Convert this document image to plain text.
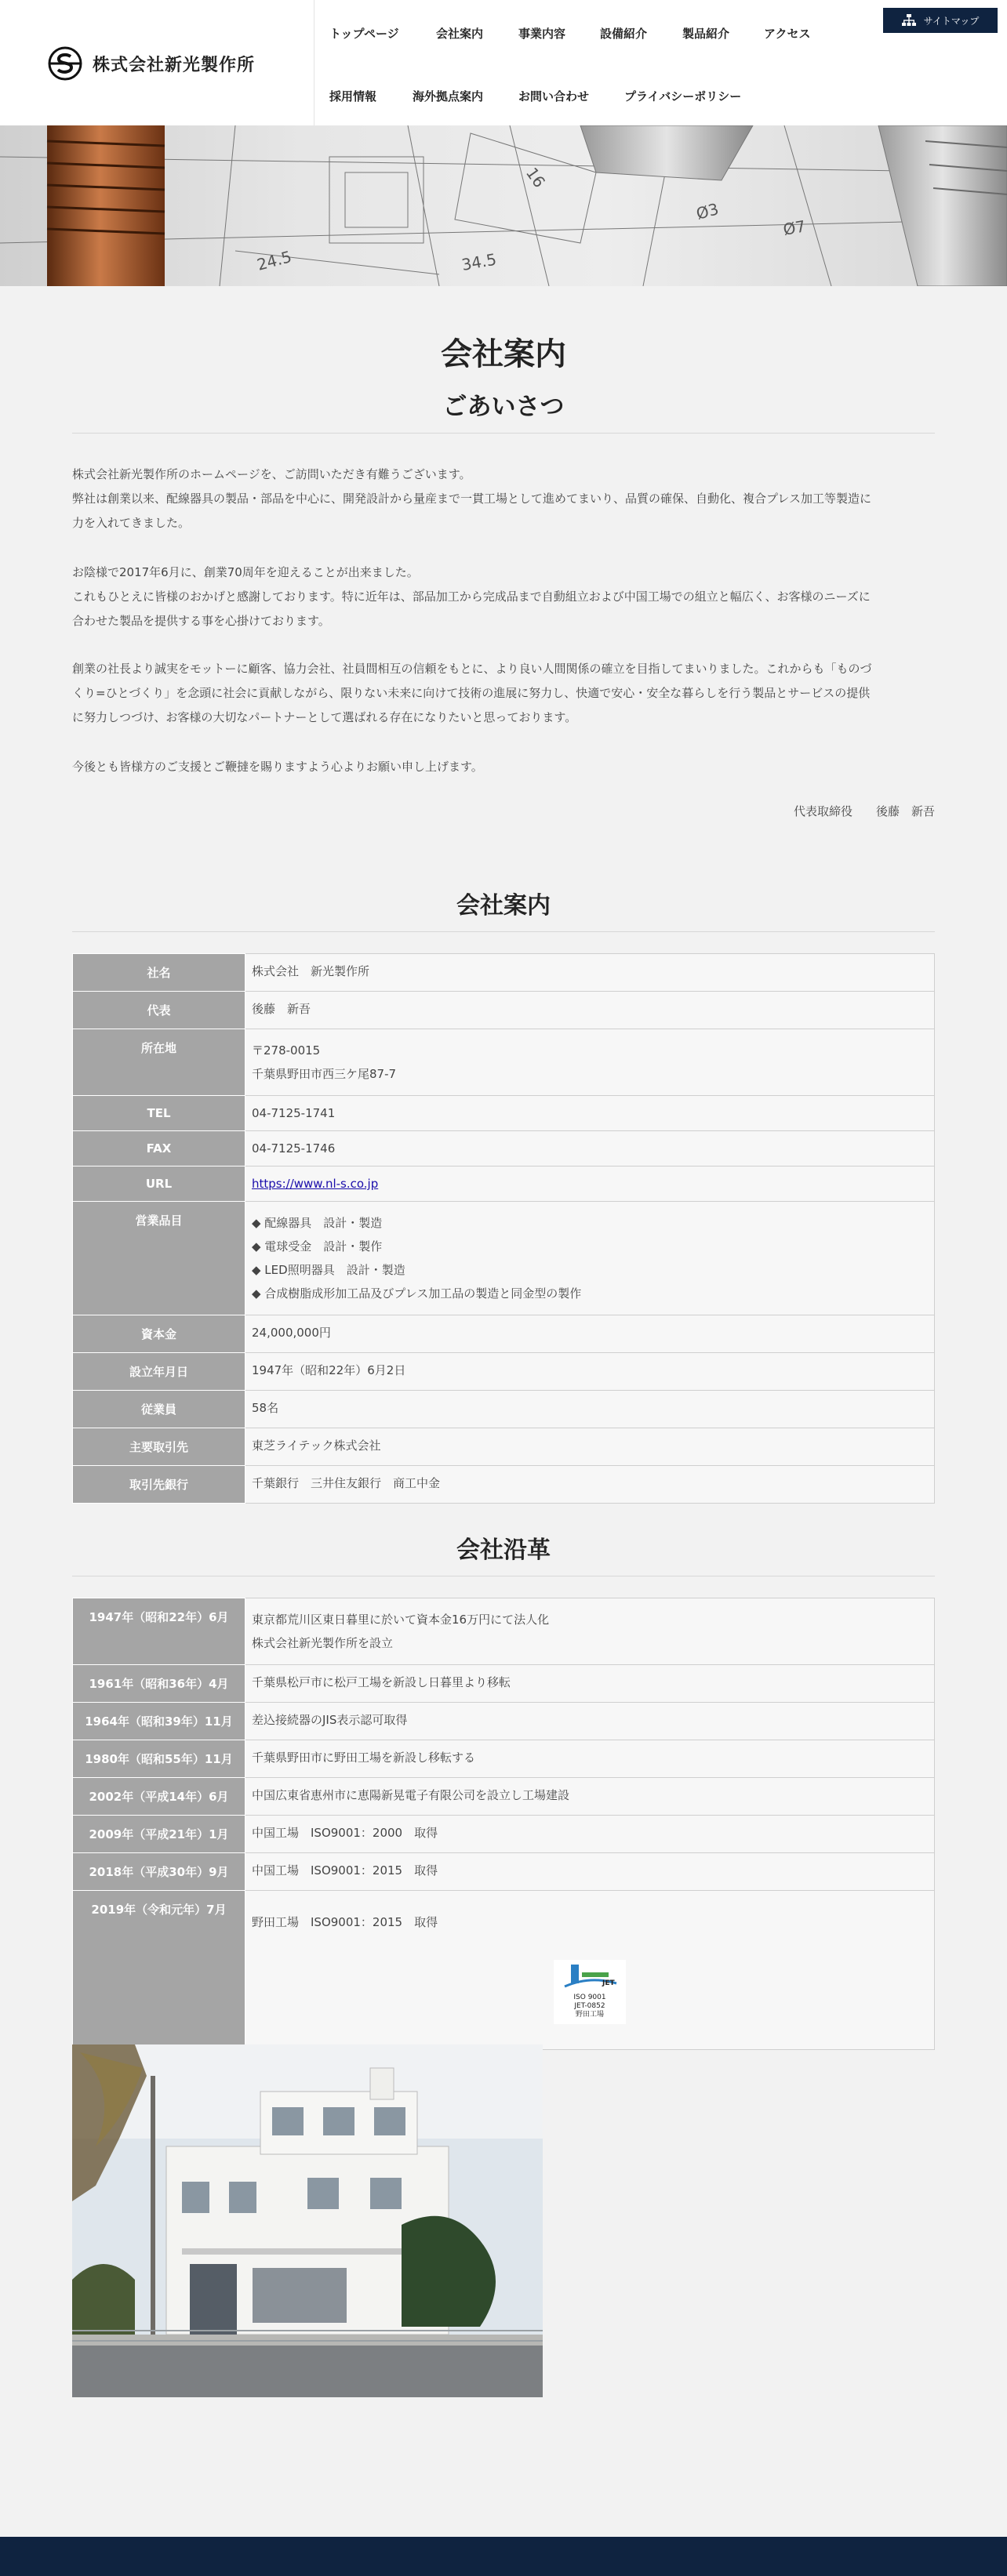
株式会社新光製作所
トップページ	会社案内	事業内容	設備紹介	製品紹介	アクセス
採用情報	海外拠点案内	お問い合わせ	プライバシーポリシー
サイトマップ
24.5	34.5
Ø3
Ø7
16
会社案内
ごあいさつ
株式会社新光製作所のホームページを、ご訪問いただき有難うございます。
弊社は創業以来、配線器具の製品・部品を中心に、開発設計から量産まで一貫工場として進めてまいり、品質の確保、自動化、複合プレス加工等製造に
力を入れてきました。
お陰様で2017年6月に、創業70周年を迎えることが出来ました。
これもひとえに皆様のおかげと感謝しております。特に近年は、部品加工から完成品まで自動組立および中国工場での組立と幅広く、お客様のニーズに
合わせた製品を提供する事を心掛けております。
創業の社長より誠実をモットーに顧客、協力会社、社員間相互の信頼をもとに、より良い人間関係の確立を目指してまいりました。これからも「ものづ
くり=ひとづくり」を念頭に社会に貢献しながら、限りない未来に向けて技術の進展に努力し、快適で安心・安全な暮らしを行う製品とサービスの提供
に努力しつづけ、お客様の大切なパートナーとして選ばれる存在になりたいと思っております。
今後とも皆様方のご支援とご鞭撻を賜りますよう心よりお願い申し上げます。
代表取締役　　後藤　新吾
会社案内
社名	株式会社　新光製作所

代表	後藤　新吾

所在地	〒278-0015
千葉県野田市西三ケ尾87-7

TEL	04-7125-1741

FAX	04-7125-1746

URL	https://www.nl-s.co.jp
営業品目	◆ 配線器具　設計・製造
◆ 電球受金　設計・製作
◆ LED照明器具　設計・製造
◆ 合成樹脂成形加工品及びプレス加工品の製造と同金型の製作

資本金	24,000,000円

設立年月日	1947年（昭和22年）6月2日

従業員	58名

主要取引先	東芝ライテック株式会社

取引先銀行	千葉銀行　三井住友銀行　商工中金
会社沿革
1947年（昭和22年）6月	東京都荒川区東日暮里に於いて資本金16万円にて法人化
株式会社新光製作所を設立

1961年（昭和36年）4月	千葉県松戸市に松戸工場を新設し日暮里より移転

1964年（昭和39年）11月	差込接続器のJIS表示認可取得

1980年（昭和55年）11月	千葉県野田市に野田工場を新設し移転する

2002年（平成14年）6月	中国広東省恵州市に恵陽新晃電子有限公司を設立し工場建設

2009年（平成21年）1月	中国工場　ISO9001：2000　取得

2018年（平成30年）9月	中国工場　ISO9001：2015　取得

2019年（令和元年）7月	野田工場　ISO9001：2015　取得
JET
ISO 9001
JET-0852
野田工場
